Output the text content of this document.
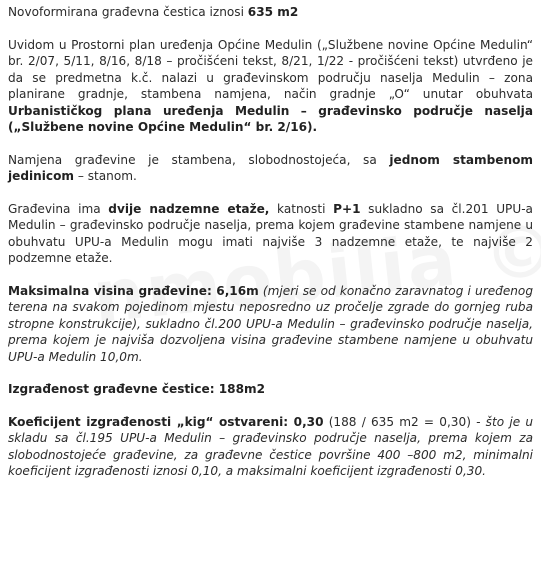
Novoformirana građevna čestica iznosi 635 m2

Uvidom u Prostorni plan uređenja Općine Medulin („Službene novine Općine Medulin“ br. 2/07, 5/11, 8/16, 8/18 – pročišćeni tekst, 8/21, 1/22 - pročišćeni tekst) utvrđeno je da se predmetna k.č. nalazi u građevinskom području naselja Medulin – zona planirane gradnje, stambena namjena, način gradnje „O“ unutar obuhvata Urbanističkog plana uređenja Medulin – građevinsko područje naselja („Službene novine Općine Medulin“ br. 2/16).

Namjena građevine je stambena, slobodnostojeća, sa jednom stambenom jedinicom – stanom.

Građevina ima dvije nadzemne etaže, katnosti P+1 sukladno sa čl.201 UPU-a Medulin – građevinsko područje naselja, prema kojem građevine stambene namjene u obuhvatu UPU-a Medulin mogu imati najviše 3 nadzemne etaže, te najviše 2 podzemne etaže.

Maksimalna visina građevine: 6,16m (mjeri se od konačno zaravnatog i uređenog terena na svakom pojedinom mjestu neposredno uz pročelje zgrade do gornjeg ruba stropne konstrukcije), sukladno čl.200 UPU-a Medulin – građevinsko područje naselja, prema kojem je najviša dozvoljena visina građevine stambene namjene u obuhvatu UPU-a Medulin 10,0m.

Izgrađenost građevne čestice: 188m2

Koeficijent izgrađenosti „kig“ ostvareni: 0,30 (188 / 635 m2 = 0,30) - što je u skladu sa čl.195 UPU-a Medulin – građevinsko područje naselja, prema kojem za slobodnostojeće građevine, za građevne čestice površine 400 –800 m2, minimalni koeficijent izgrađenosti iznosi 0,10, a maksimalni koeficijent izgrađenosti 0,30.
